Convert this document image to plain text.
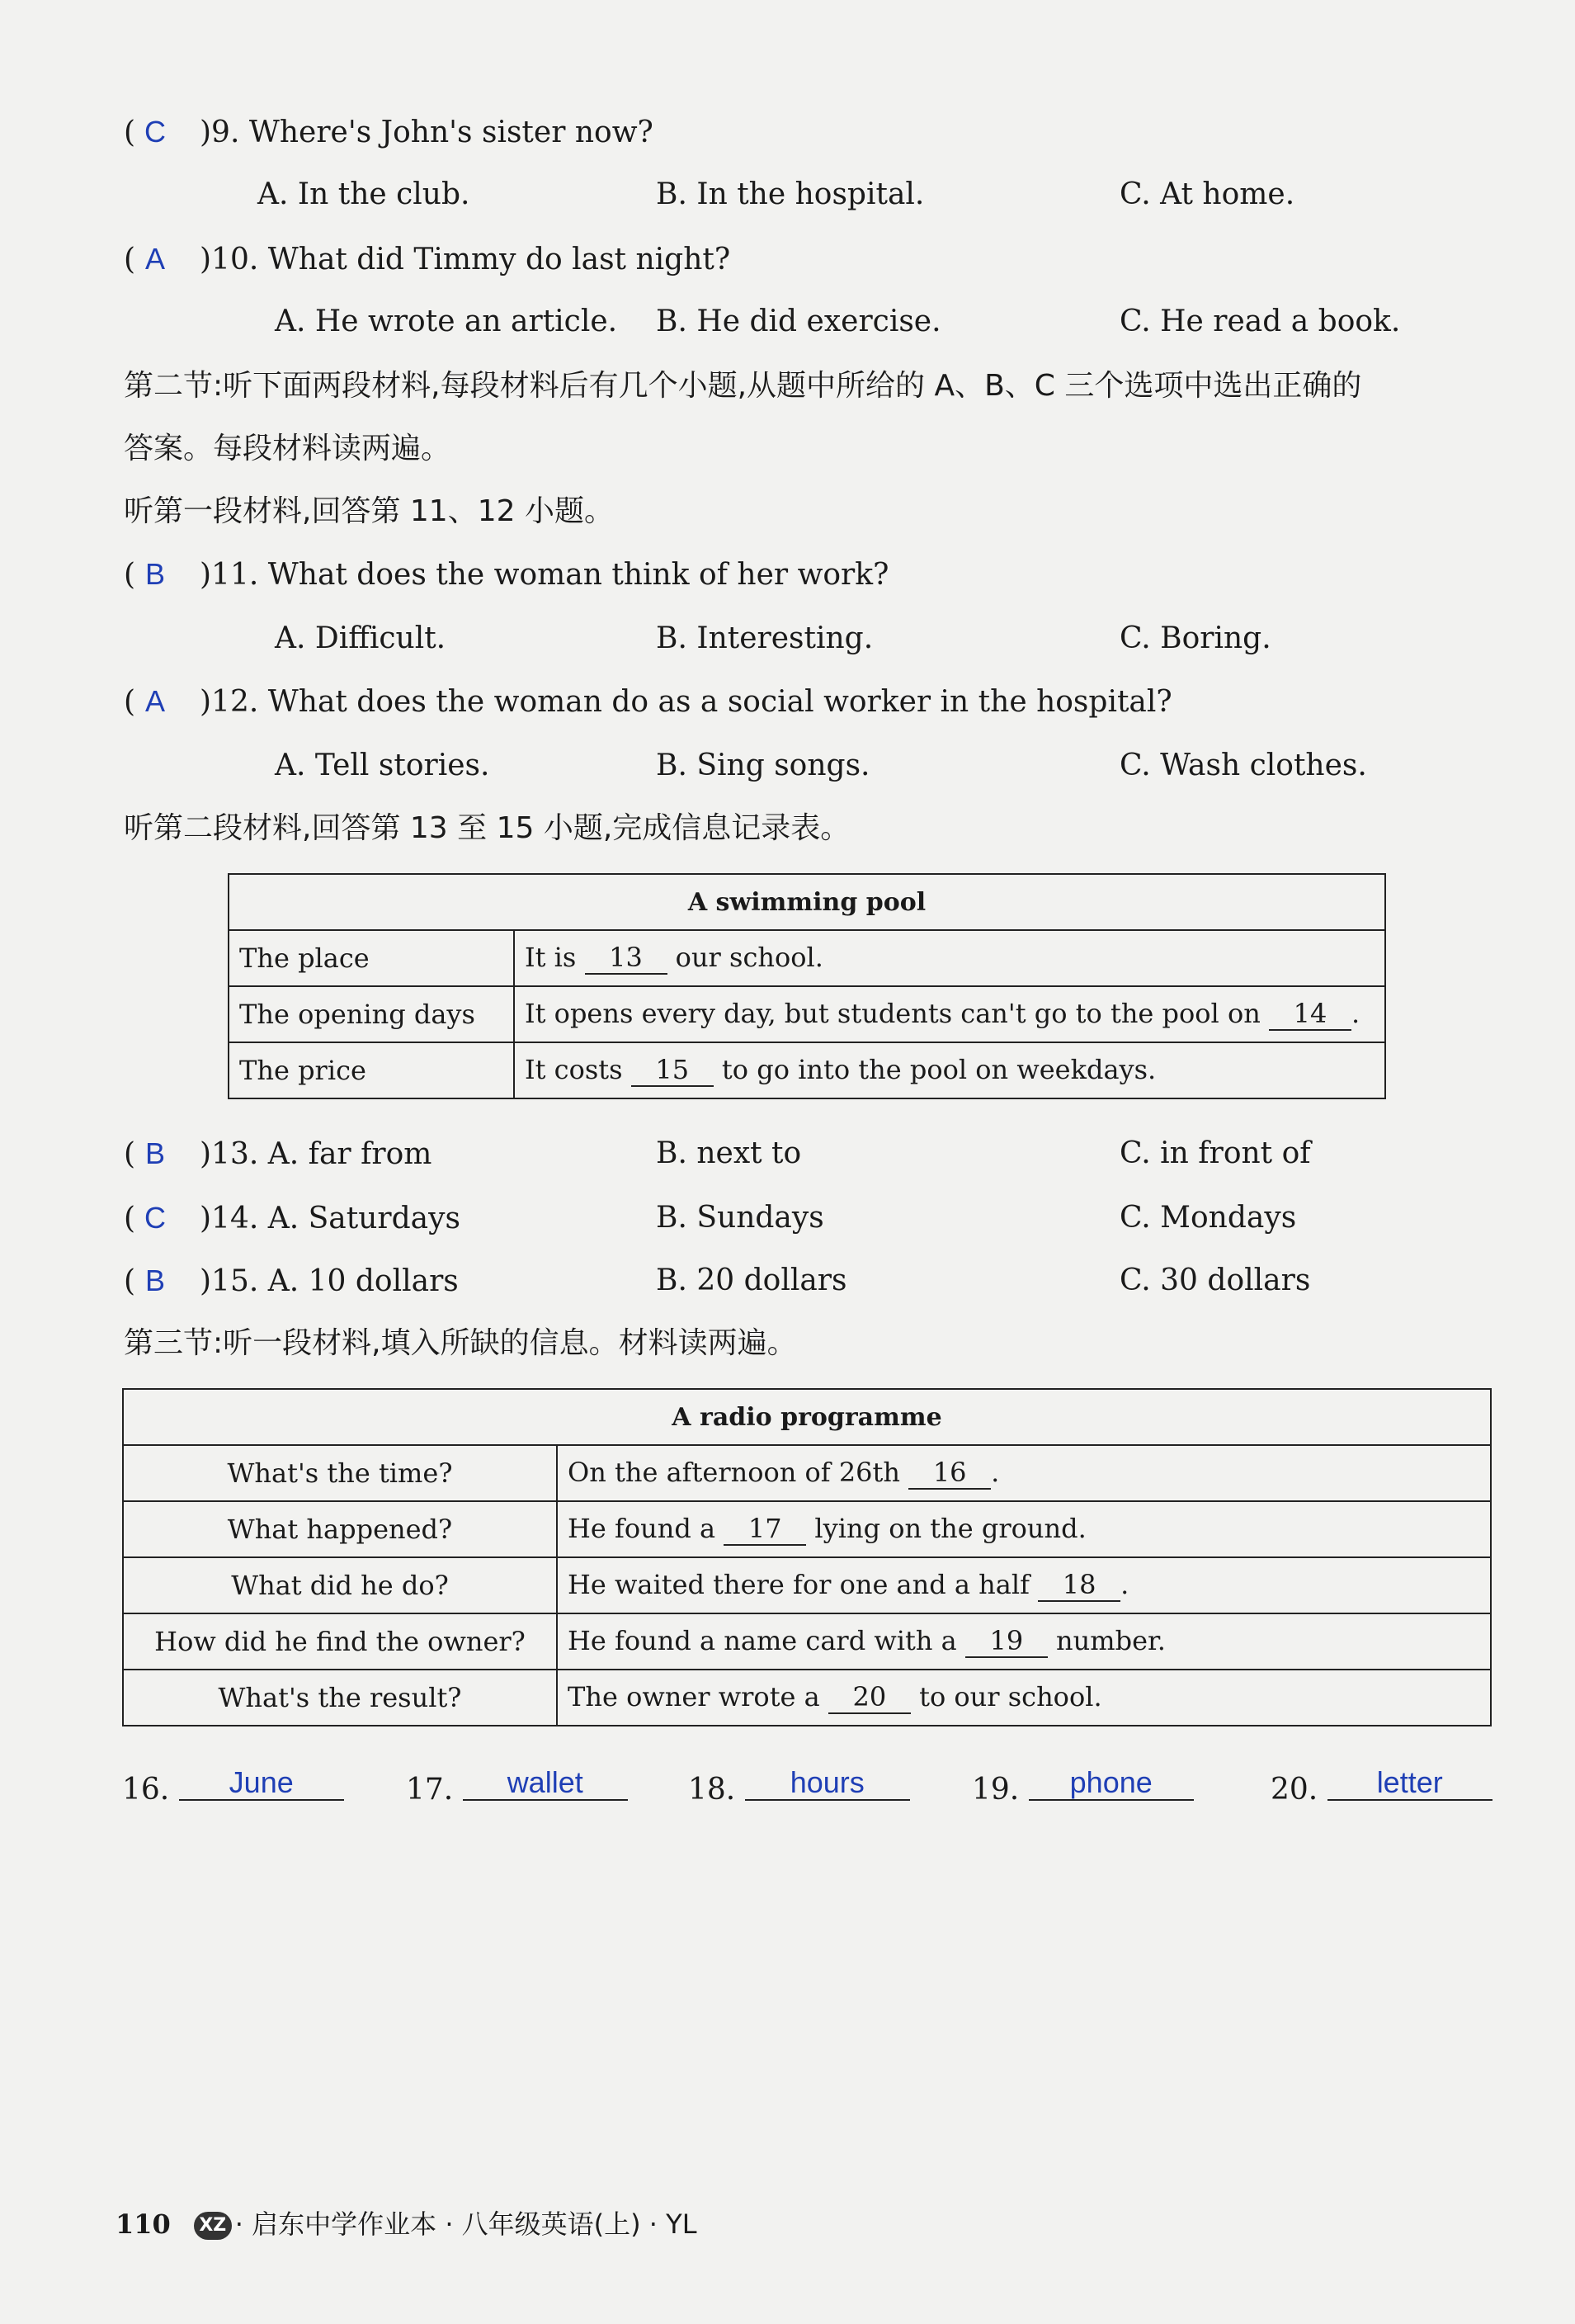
( C )9. Where's John's sister now?
A. In the club.	B. In the hospital.	C. At home.
( A )10. What did Timmy do last night?
A. He wrote an article. B. He did exercise.	C. He read a book.
第二节:听下面两段材料,每段材料后有几个小题,从题中所给的 A、B、C 三个选项中选出正确的
答案。每段材料读两遍。
听第一段材料,回答第 11、12 小题。
( B )11. What does the woman think of her work?
A. Difficult.	B. Interesting.	C. Boring.
( A )12. What does the woman do as a social worker in the hospital?
A. Tell stories.	B. Sing songs.	C. Wash clothes.
听第二段材料,回答第 13 至 15 小题,完成信息记录表。
A swimming pool	
The place	It is 13 our school.
The opening days	It opens every day, but students can't go to the pool on 14 .
The price	It costs 15 to go into the pool on weekdays.
( B )13. A. far from	B. next to	C. in front of
( C )14. A. Saturdays	B. Sundays	C. Mondays
( B )15. A. 10 dollars	B. 20 dollars	C. 30 dollars
第三节:听一段材料,填入所缺的信息。材料读两遍。
A radio programme	
What's the time?	On the afternoon of 26th 16 .
What happened?	He found a 17 lying on the ground.
What did he do?	He waited there for one and a half 18 .
How did he find the owner?	He found a name card with a 19 number.
What's the result?	The owner wrote a 20 to our school.
16. June	17. wallet	18. hours	19. phone	20. letter
110 XZ · 启东中学作业本 · 八年级英语(上) · YL
